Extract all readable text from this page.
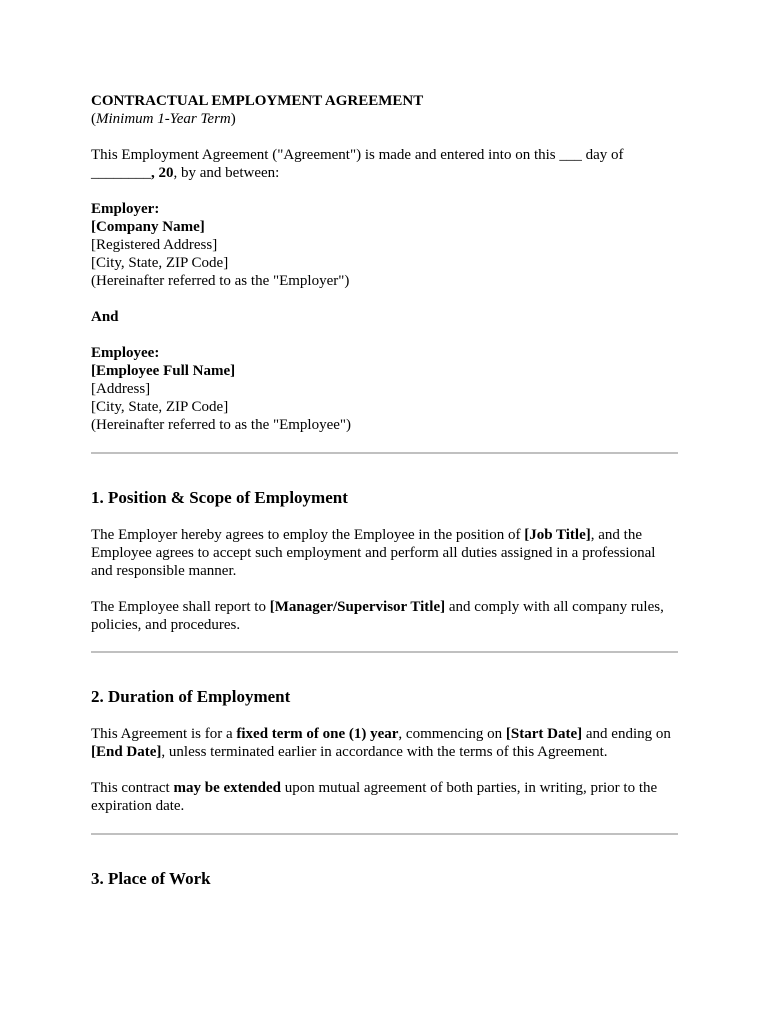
CONTRACTUAL EMPLOYMENT AGREEMENT

(Minimum 1-Year Term)

This Employment Agreement ("Agreement") is made and entered into on this ___ day of ________, 20, by and between:

Employer:

[Company Name]

[Registered Address]

[City, State, ZIP Code]

(Hereinafter referred to as the "Employer")

And

Employee:

[Employee Full Name]

[Address]

[City, State, ZIP Code]

(Hereinafter referred to as the "Employee")

1. Position & Scope of Employment

The Employer hereby agrees to employ the Employee in the position of [Job Title], and the Employee agrees to accept such employment and perform all duties assigned in a professional and responsible manner.

The Employee shall report to [Manager/Supervisor Title] and comply with all company rules, policies, and procedures.

2. Duration of Employment

This Agreement is for a fixed term of one (1) year, commencing on [Start Date] and ending on [End Date], unless terminated earlier in accordance with the terms of this Agreement.

This contract may be extended upon mutual agreement of both parties, in writing, prior to the expiration date.

3. Place of Work
